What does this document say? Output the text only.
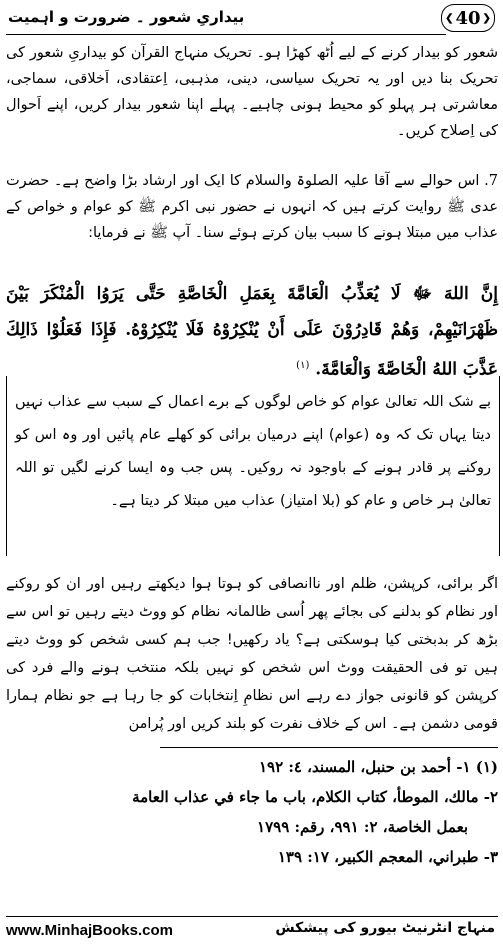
❮ 40 ❯
بیداریِ شعور ۔ ضرورت و اہمیت
شعور کو بیدار کرنے کے لیے اُٹھ کھڑا ہو۔ تحریک منہاج القرآن کو بیداریِ شعور کی تحریک بنا دیں اور یہ تحریک سیاسی، دینی، مذہبی، اِعتقادی، اَخلاقی، سماجی، معاشرتی ہر پہلو کو محیط ہونی چاہیے۔ پہلے اپنا شعور بیدار کریں، اپنے اَحوال کی اِصلاح کریں۔
7. اس حوالے سے آقا علیہ الصلوۃ والسلام کا ایک اور ارشاد بڑا واضح ہے۔ حضرت عدی ﷺ روایت کرتے ہیں کہ انہوں نے حضور نبی اکرم ﷺ کو عوام و خواص کے عذاب میں مبتلا ہونے کا سبب بیان کرتے ہوئے سنا۔ آپ ﷺ نے فرمایا:
إِنَّ اللهَ ﷻ لَا يُعَذِّبُ الْعَامَّةَ بِعَمَلِ الْخَاصَّةِ حَتَّى يَرَوُا الْمُنْكَرَ بَيْنَ ظَهْرَانَيْهِمْ، وَهُمْ قَادِرُوْنَ عَلَى أَنْ يُنْكِرُوْهُ فَلَا يُنْكِرُوْهُ. فَإِذَا فَعَلُوْا ذَالِكَ عَذَّبَ اللهُ الْخَاصَّةَ وَالْعَامَّةَ. $^{(١)}$
بے شک اللہ تعالیٰ عوام کو خاص لوگوں کے برے اعمال کے سبب سے عذاب نہیں دیتا یہاں تک کہ وہ (عوام) اپنے درمیان برائی کو کھلے عام پائیں اور وہ اس کو روکنے پر قادر ہونے کے باوجود نہ روکیں۔ پس جب وہ ایسا کرنے لگیں تو اللہ تعالیٰ ہر خاص و عام کو (بلا امتیاز) عذاب میں مبتلا کر دیتا ہے۔
اگر برائی، کرپشن، ظلم اور ناانصافی کو ہوتا ہوا دیکھتے رہیں اور ان کو روکنے اور نظام کو بدلنے کی بجائے پھر اُسی ظالمانہ نظام کو ووٹ دیتے رہیں تو اس سے بڑھ کر بدبختی کیا ہوسکتی ہے؟ یاد رکھیں! جب ہم کسی شخص کو ووٹ دیتے ہیں تو فی الحقیقت ووٹ اس شخص کو نہیں بلکہ منتخب ہونے والے فرد کی کرپشن کو قانونی جواز دے رہے اس نظامِ اِنتخابات کو جا رہا ہے جو نظام ہمارا قومی دشمن ہے۔ اس کے خلاف نفرت کو بلند کریں اور پُرامن
(١) ١- أحمد بن حنبل، المسند، ٤: ١٩٢
٢- مالك، الموطأ، كتاب الكلام، باب ما جاء في عذاب العامة
بعمل الخاصة، ٢: ٩٩١، رقم: ١٧٩٩
٣- طبراني، المعجم الكبير، ١٧: ١٣٩
www.MinhajBooks.com	منہاج انٹرنیٹ بیورو کی پیشکش
